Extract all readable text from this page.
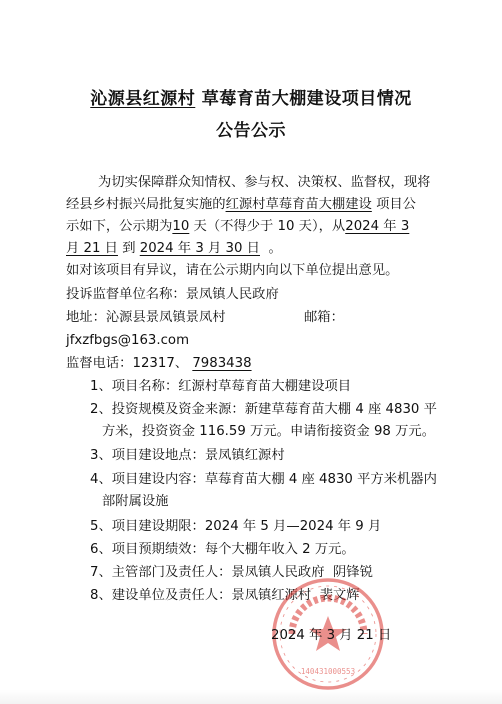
沁源县红源村 草莓育苗大棚建设项目情况
公告公示
为切实保障群众知情权、参与权、决策权、监督权，现将
经县乡村振兴局批复实施的红源村草莓育苗大棚建设 项目公
示如下，公示期为10 天（不得少于 10 天），从2024 年 3
月 21 日 到 2024 年 3 月 30 日 。
如对该项目有异议，请在公示期内向以下单位提出意见。
投诉监督单位名称：景凤镇人民政府
地址：沁源县景凤镇景凤村	邮箱：
jfxzfbgs@163.com
监督电话：12317、 7983438
1、项目名称：红源村草莓育苗大棚建设项目
2、投资规模及资金来源：新建草莓育苗大棚 4 座 4830 平
方米，投资资金 116.59 万元。申请衔接资金 98 万元。
3、项目建设地点：景凤镇红源村
4、项目建设内容：草莓育苗大棚 4 座 4830 平方米机器内
部附属设施
5、项目建设期限：2024 年 5 月—2024 年 9 月
6、项目预期绩效：每个大棚年收入 2 万元。
7、主管部门及责任人：景凤镇人民政府 阴锋锐
8、建设单位及责任人：景凤镇红源村 裴文辉
140431000553
2024 年 3 月 21 日
